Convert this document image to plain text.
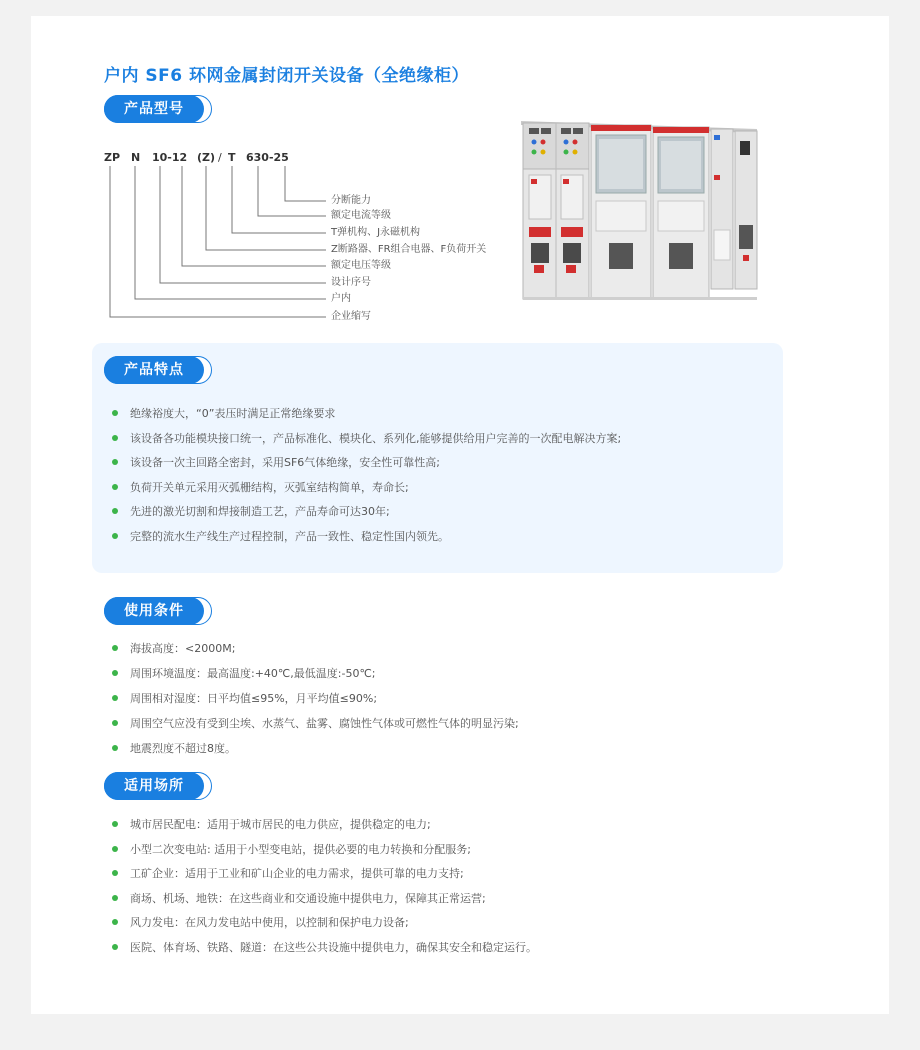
户内 SF6 环网金属封闭开关设备（全绝缘柜）
产品型号
ZP N 10-12 (Z) / T 630-25
分断能力
额定电流等级
T弹机构、J永磁机构
Z断路器、FR组合电器、F负荷开关
额定电压等级
设计序号
户内
企业缩写
产品特点
绝缘裕度大，“0”表压时满足正常绝缘要求
该设备各功能模块接口统一，产品标准化、模块化、系列化,能够提供给用户完善的一次配电解决方案;
该设备一次主回路全密封，采用SF6气体绝缘，安全性可靠性高;
负荷开关单元采用灭弧栅结构，灭弧室结构简单，寿命长;
先进的激光切割和焊接制造工艺，产品寿命可达30年;
完整的流水生产线生产过程控制，产品一致性、稳定性国内领先。
使用条件
海拔高度：<2000M;
周围环境温度：最高温度:+40℃,最低温度:-50℃;
周围相对湿度：日平均值≤95%，月平均值≤90%;
周围空气应没有受到尘埃、水蒸气、盐雾、腐蚀性气体或可燃性气体的明显污染;
地震烈度不超过8度。
适用场所
城市居民配电：适用于城市居民的电力供应，提供稳定的电力;
小型二次变电站: 适用于小型变电站，提供必要的电力转换和分配服务;
工矿企业：适用于工业和矿山企业的电力需求，提供可靠的电力支持;
商场、机场、地铁：在这些商业和交通设施中提供电力，保障其正常运营;
风力发电：在风力发电站中使用，以控制和保护电力设备;
医院、体育场、铁路、隧道：在这些公共设施中提供电力，确保其安全和稳定运行。
